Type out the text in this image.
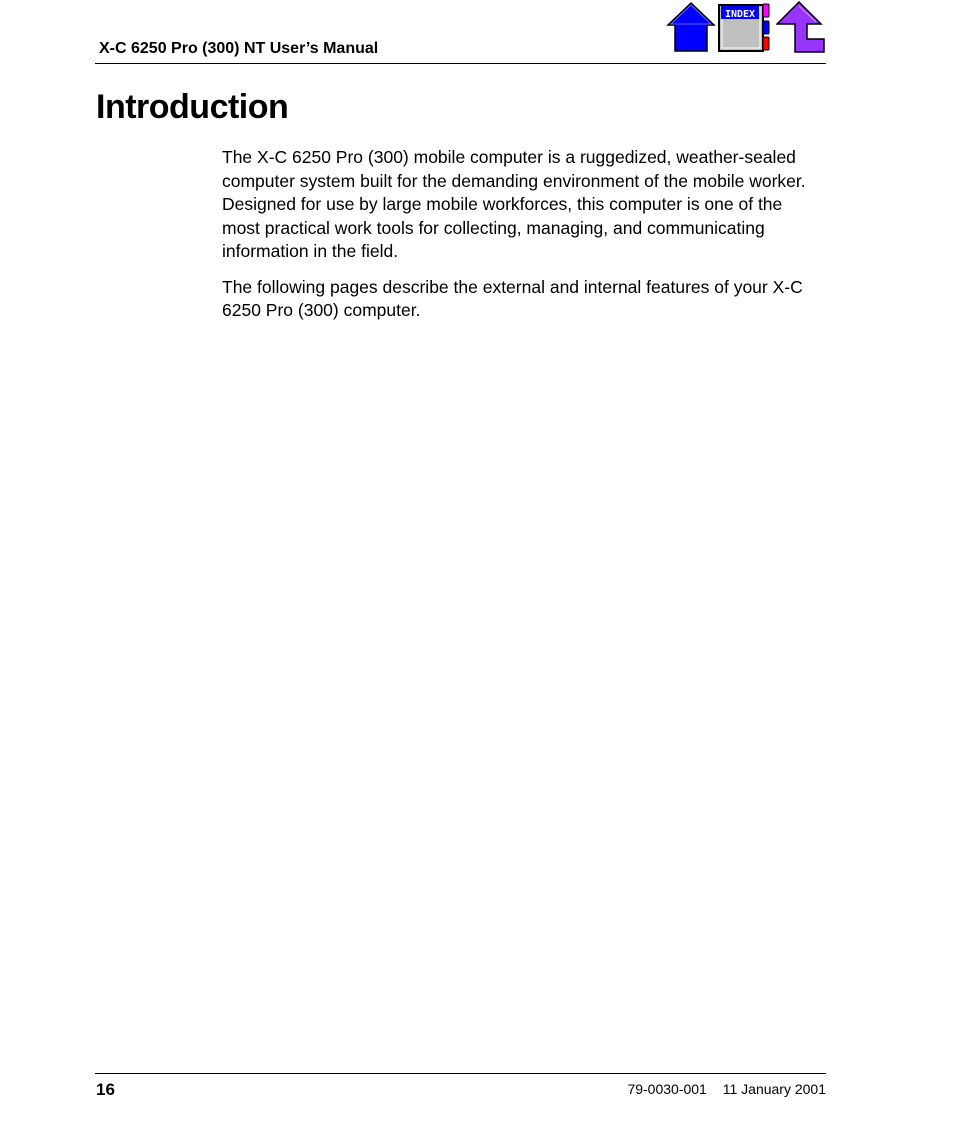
X-C 6250 Pro (300) NT User’s Manual
INDEX
Introduction

The X-C 6250 Pro (300) mobile computer is a ruggedized, weather-sealed computer system built for the demanding environment of the mobile worker. Designed for use by large mobile workforces, this computer is one of the most practical work tools for collecting, managing, and communicating information in the field.

The following pages describe the external and internal features of your X-C 6250 Pro (300) computer.

16	79-0030-001 11 January 2001
